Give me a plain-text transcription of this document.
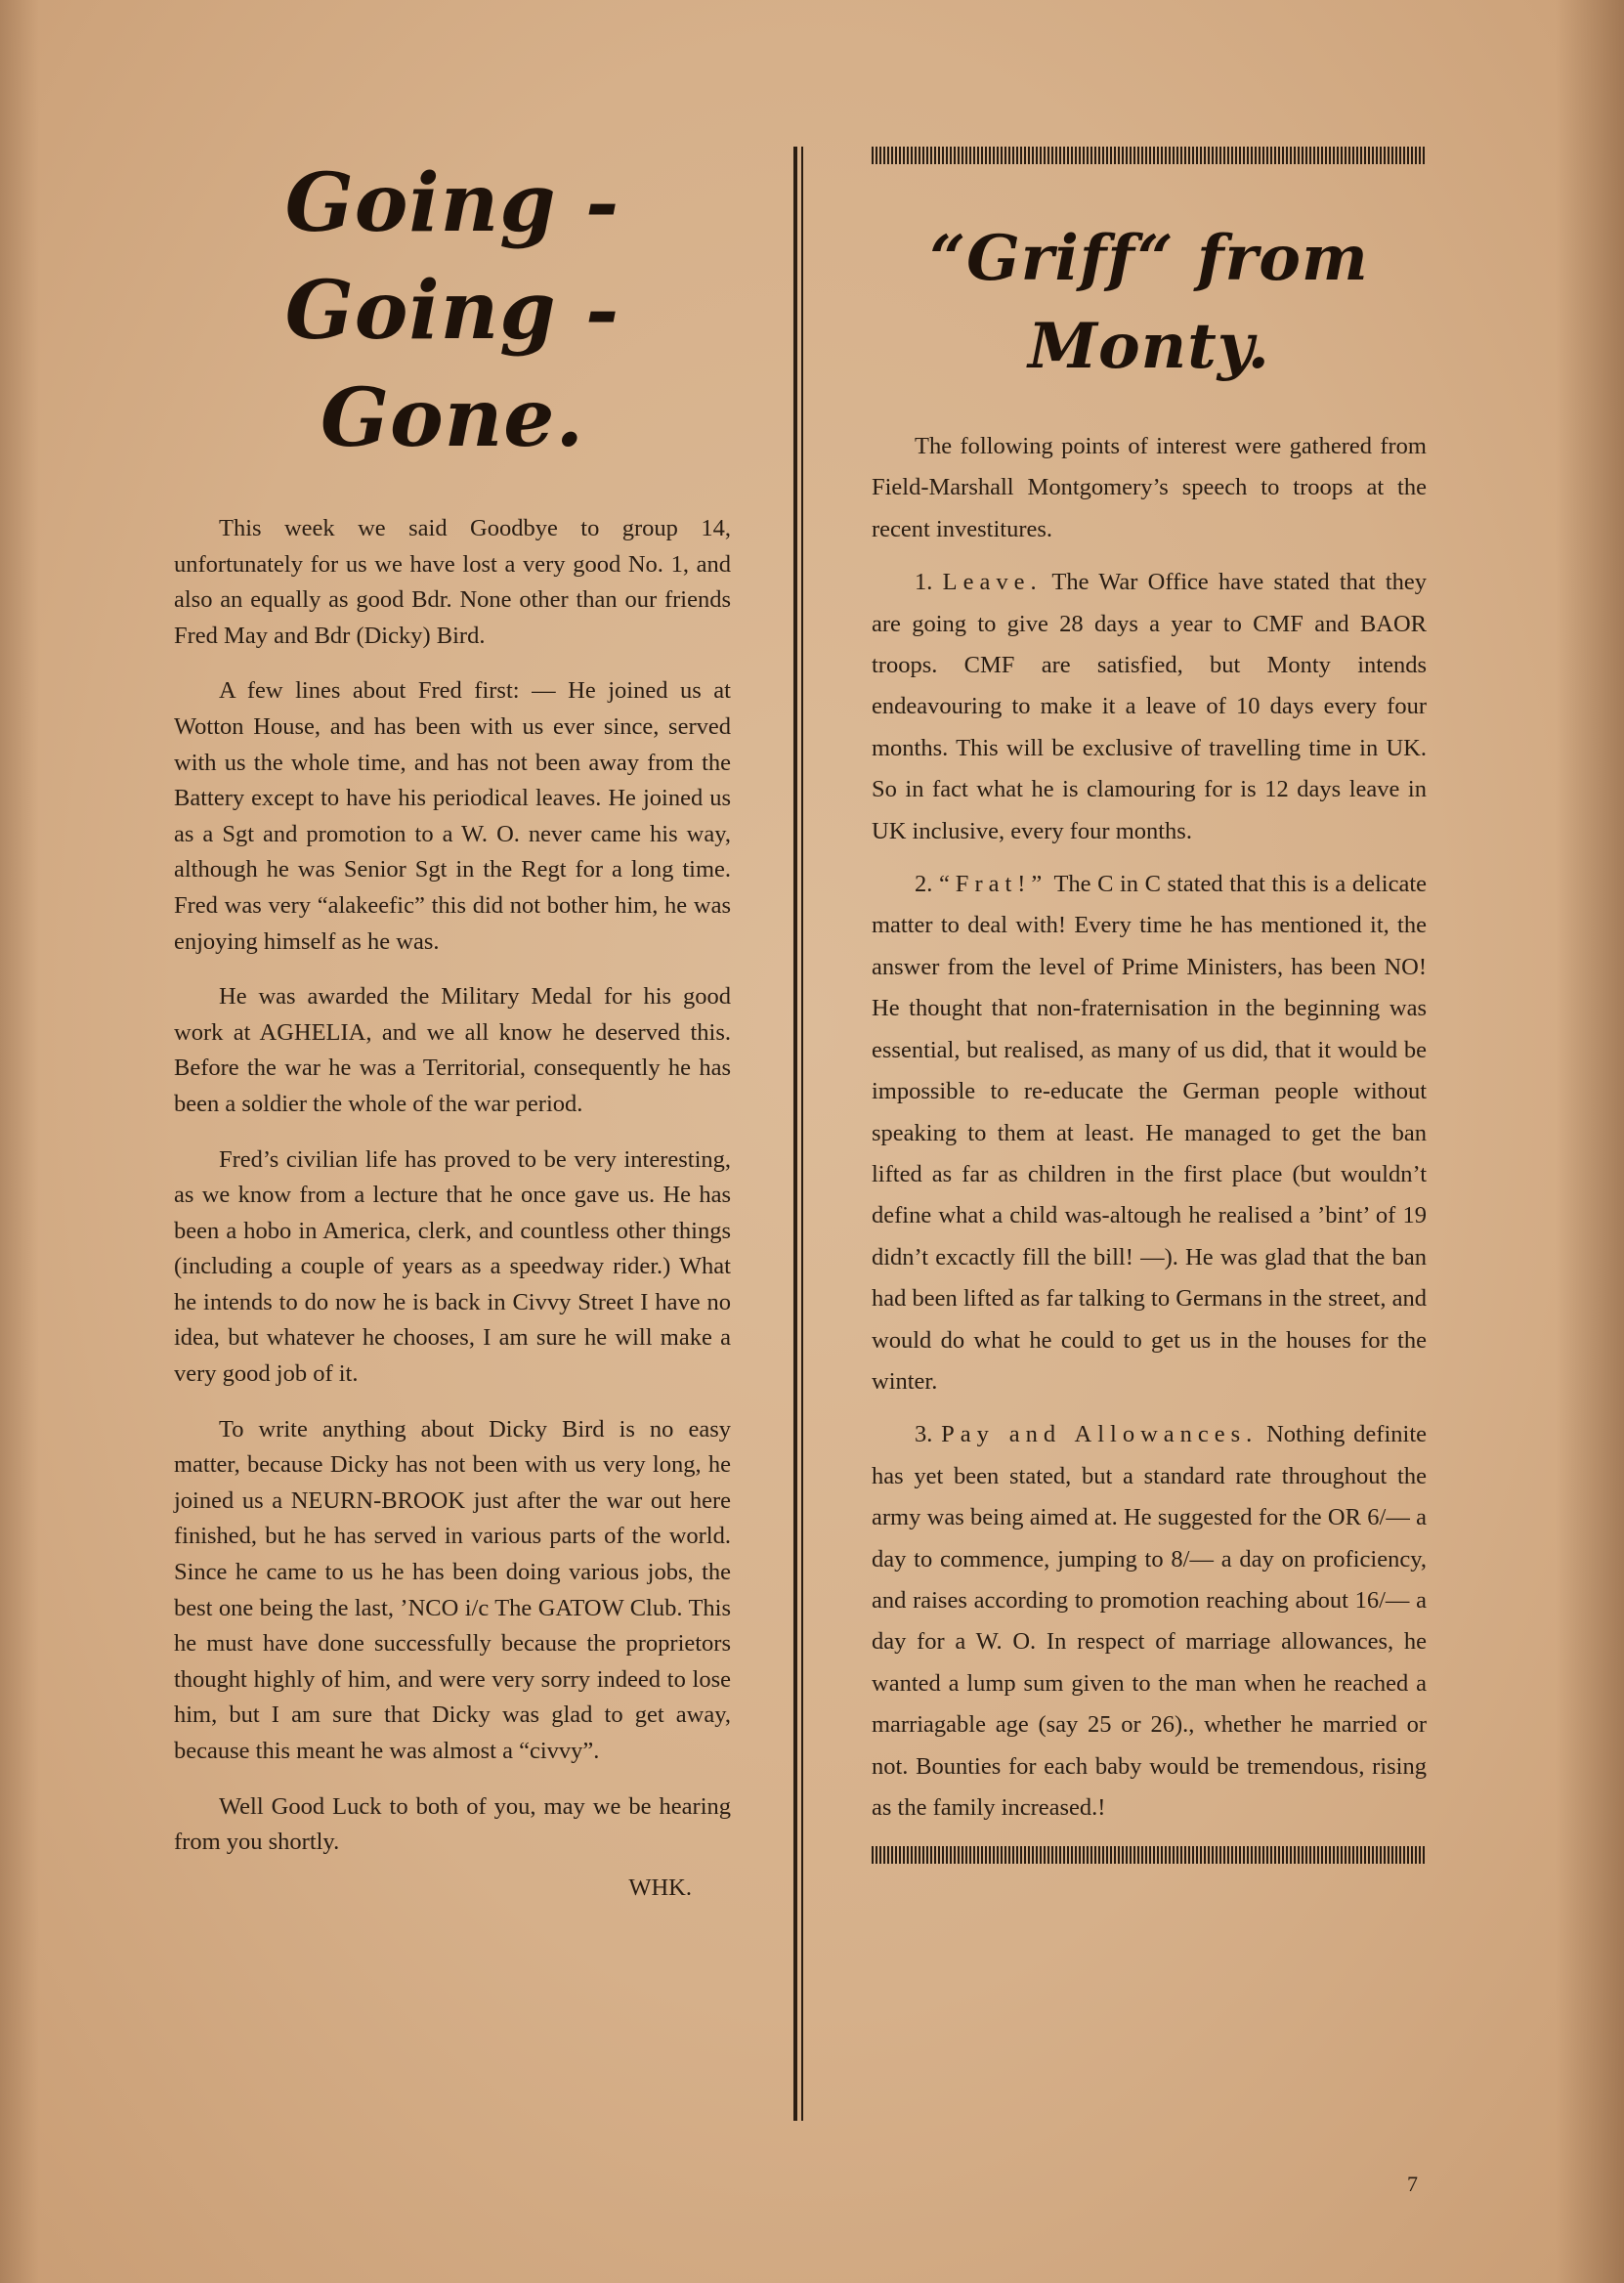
Going - Going -
Gone.

This week we said Goodbye to group 14, unfortunately for us we have lost a very good No. 1, and also an equally as good Bdr. None other than our friends Fred May and Bdr (Dicky) Bird.

A few lines about Fred first: — He joined us at Wotton House, and has been with us ever since, served with us the whole time, and has not been away from the Battery except to have his periodical leaves. He joined us as a Sgt and promotion to a W. O. never came his way, although he was Senior Sgt in the Regt for a long time. Fred was very “alakeefic” this did not bother him, he was enjoying himself as he was.

He was awarded the Military Medal for his good work at AGHELIA, and we all know he deserved this. Before the war he was a Territorial, consequently he has been a soldier the whole of the war period.

Fred’s civilian life has proved to be very interesting, as we know from a lecture that he once gave us. He has been a hobo in America, clerk, and countless other things (including a couple of years as a speedway rider.) What he intends to do now he is back in Civvy Street I have no idea, but whatever he chooses, I am sure he will make a very good job of it.

To write anything about Dicky Bird is no easy matter, because Dicky has not been with us very long, he joined us a NEURN-BROOK just after the war out here finished, but he has served in various parts of the world. Since he came to us he has been doing various jobs, the best one being the last, ’NCO i/c The GATOW Club. This he must have done successfully because the proprietors thought highly of him, and were very sorry indeed to lose him, but I am sure that Dicky was glad to get away, because this meant he was almost a “civvy”.

Well Good Luck to both of you, may we be hearing from you shortly.

WHK.
“Griff“ from Monty.

The following points of interest were gathered from Field-Marshall Montgomery’s speech to troops at the recent investitures.

1. Leave. The War Office have stated that they are going to give 28 days a year to CMF and BAOR troops. CMF are satisfied, but Monty intends endeavouring to make it a leave of 10 days every four months. This will be exclusive of travelling time in UK. So in fact what he is clamouring for is 12 days leave in UK inclusive, every four months.

2. “Frat!” The C in C stated that this is a delicate matter to deal with! Every time he has mentioned it, the answer from the level of Prime Ministers, has been NO! He thought that non-fraternisation in the beginning was essential, but realised, as many of us did, that it would be impossible to re-educate the German people without speaking to them at least. He managed to get the ban lifted as far as children in the first place (but wouldn’t define what a child was-altough he realised a ’bint’ of 19 didn’t excactly fill the bill! —). He was glad that the ban had been lifted as far talking to Germans in the street, and would do what he could to get us in the houses for the winter.

3. Pay and Allowances. Nothing definite has yet been stated, but a standard rate throughout the army was being aimed at. He suggested for the OR 6/— a day to commence, jumping to 8/— a day on proficiency, and raises according to promotion reaching about 16/— a day for a W. O. In respect of marriage allowances, he wanted a lump sum given to the man when he reached a marriagable age (say 25 or 26)., whether he married or not. Bounties for each baby would be tremendous, rising as the family increased.!

7
